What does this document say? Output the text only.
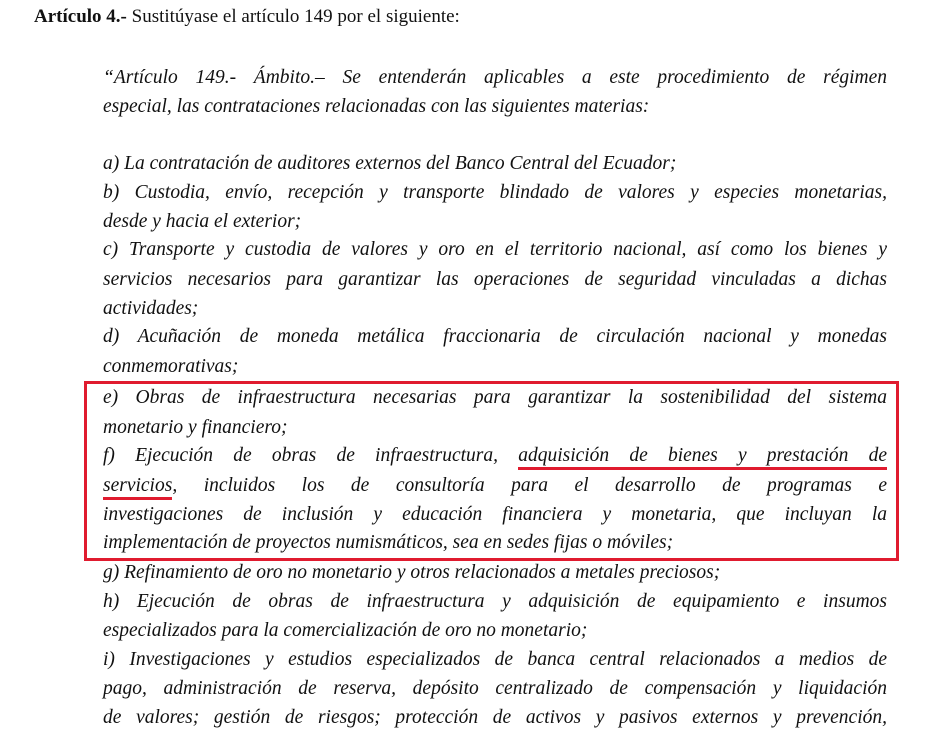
Artículo 4.- Sustitúyase el artículo 149 por el siguiente:
“Artículo 149.- Ámbito.– Se entenderán aplicables a este procedimiento de régimen
especial, las contrataciones relacionadas con las siguientes materias:
a) La contratación de auditores externos del Banco Central del Ecuador;
b) Custodia, envío, recepción y transporte blindado de valores y especies monetarias,
desde y hacia el exterior;
c) Transporte y custodia de valores y oro en el territorio nacional, así como los bienes y
servicios necesarios para garantizar las operaciones de seguridad vinculadas a dichas
actividades;
d) Acuñación de moneda metálica fraccionaria de circulación nacional y monedas
conmemorativas;
e) Obras de infraestructura necesarias para garantizar la sostenibilidad del sistema
monetario y financiero;
f) Ejecución de obras de infraestructura, adquisición de bienes y prestación de
servicios, incluidos los de consultoría para el desarrollo de programas e
investigaciones de inclusión y educación financiera y monetaria, que incluyan la
implementación de proyectos numismáticos, sea en sedes fijas o móviles;
g) Refinamiento de oro no monetario y otros relacionados a metales preciosos;
h) Ejecución de obras de infraestructura y adquisición de equipamiento e insumos
especializados para la comercialización de oro no monetario;
i) Investigaciones y estudios especializados de banca central relacionados a medios de
pago, administración de reserva, depósito centralizado de compensación y liquidación
de valores; gestión de riesgos; protección de activos y pasivos externos y prevención,
